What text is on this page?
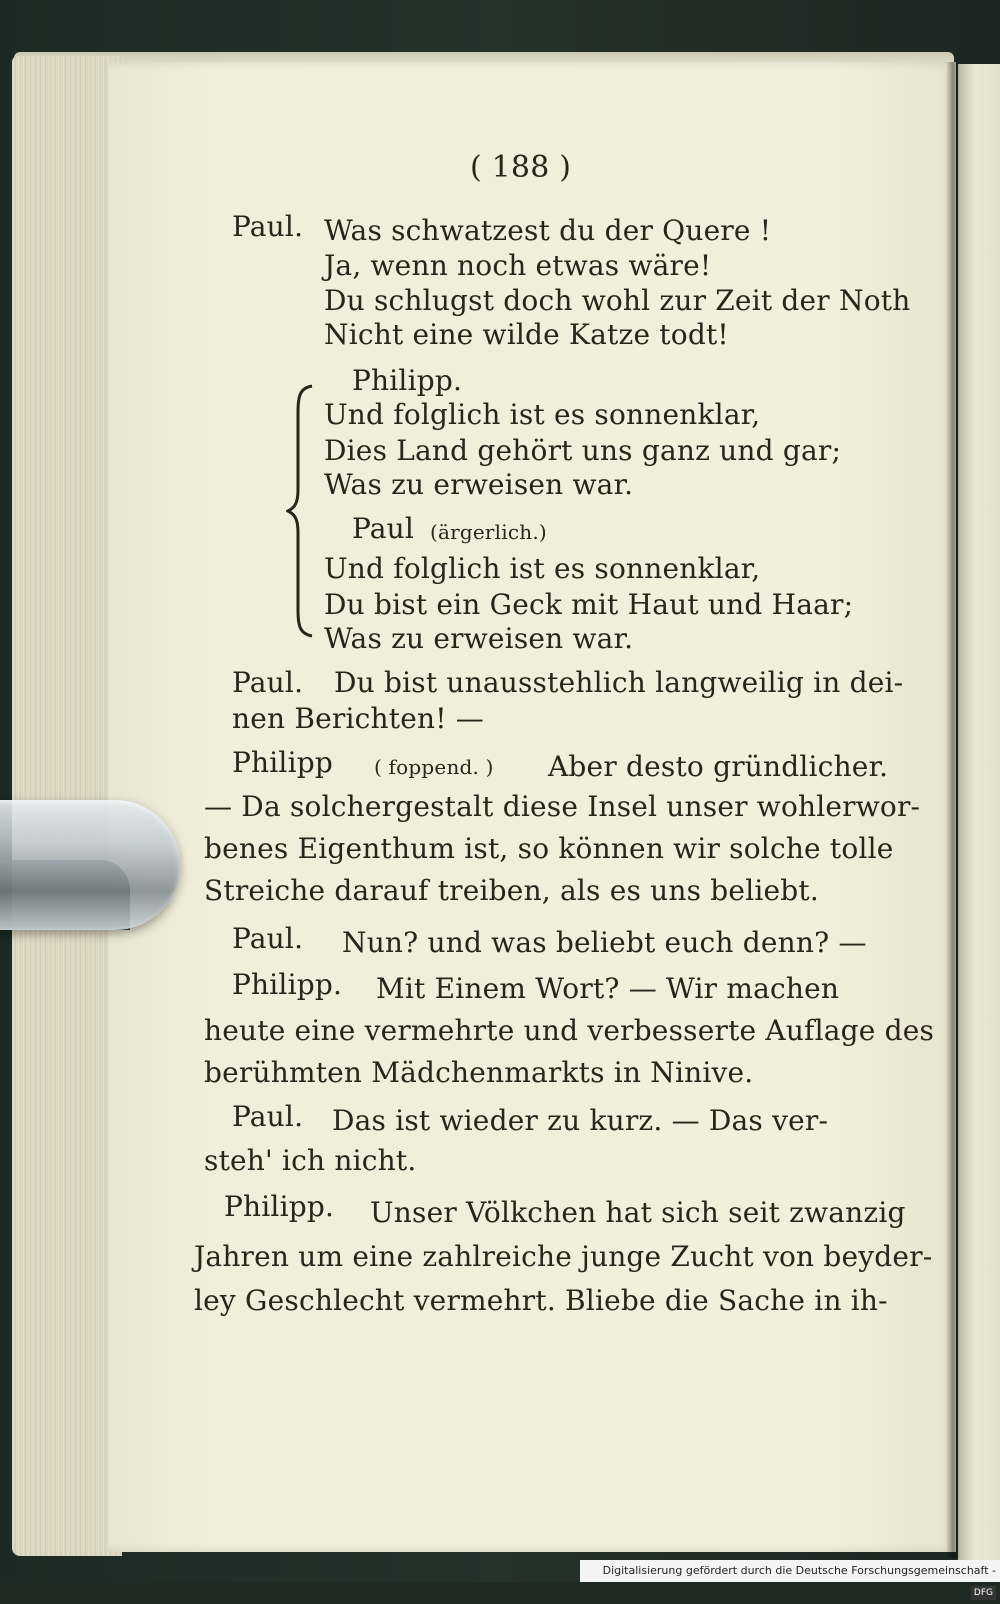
( 188 )
Paul. Was schwatzest du der Quere !
Ja, wenn noch etwas wäre!
Du schlugst doch wohl zur Zeit der Noth
Nicht eine wilde Katze todt!
Philipp.
Und folglich ist es sonnenklar,
Dies Land gehört uns ganz und gar;
Was zu erweisen war.
Paul (ärgerlich.)
Und folglich ist es sonnenklar,
Du bist ein Geck mit Haut und Haar;
Was zu erweisen war.
Paul. Du bist unausstehlich langweilig in dei-
nen Berichten! —
Philipp ( foppend. ) Aber desto gründlicher.
— Da solchergestalt diese Insel unser wohlerwor-
benes Eigenthum ist, so können wir solche tolle
Streiche darauf treiben, als es uns beliebt.
Paul. Nun? und was beliebt euch denn? —
Philipp. Mit Einem Wort? — Wir machen
heute eine vermehrte und verbesserte Auflage des
berühmten Mädchenmarkts in Ninive.
Paul. Das ist wieder zu kurz. — Das ver-
steh' ich nicht.
Philipp. Unser Völkchen hat sich seit zwanzig
Jahren um eine zahlreiche junge Zucht von beyder-
ley Geschlecht vermehrt. Bliebe die Sache in ih-
Digitalisierung gefördert durch die Deutsche Forschungsgemeinschaft -DFG
